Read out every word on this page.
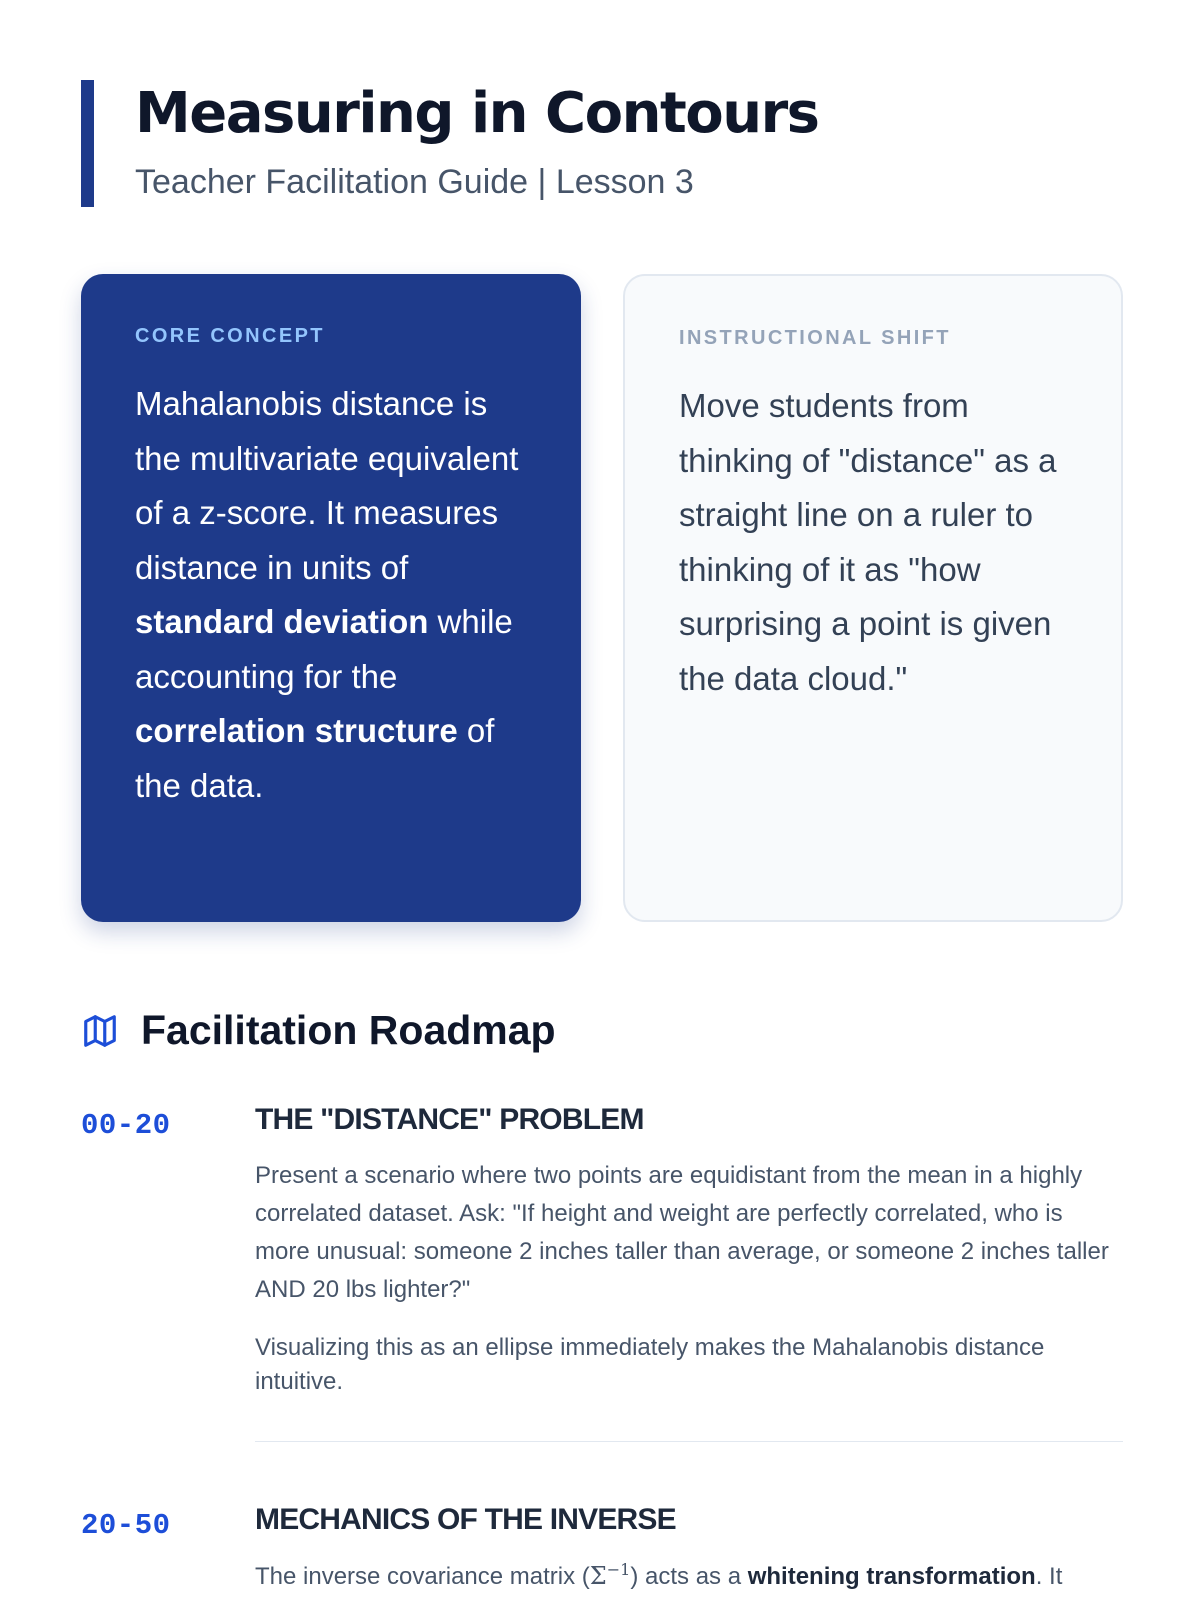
Measuring in Contours
Teacher Facilitation Guide | Lesson 3
CORE CONCEPT
Mahalanobis distance is the multivariate equivalent of a z-score. It measures distance in units of standard deviation while accounting for the correlation structure of the data.
INSTRUCTIONAL SHIFT
Move students from thinking of "distance" as a straight line on a ruler to thinking of it as "how surprising a point is given the data cloud."
Facilitation Roadmap
00-20	THE "DISTANCE" PROBLEM

Present a scenario where two points are equidistant from the mean in a highly correlated dataset. Ask: "If height and weight are perfectly correlated, who is more unusual: someone 2 inches taller than average, or someone 2 inches taller AND 20 lbs lighter?"

Visualizing this as an ellipse immediately makes the Mahalanobis distance intuitive.

20-50	MECHANICS OF THE INVERSE

The inverse covariance matrix $(\Sigma^{-1})$ acts as a whitening transformation. It
